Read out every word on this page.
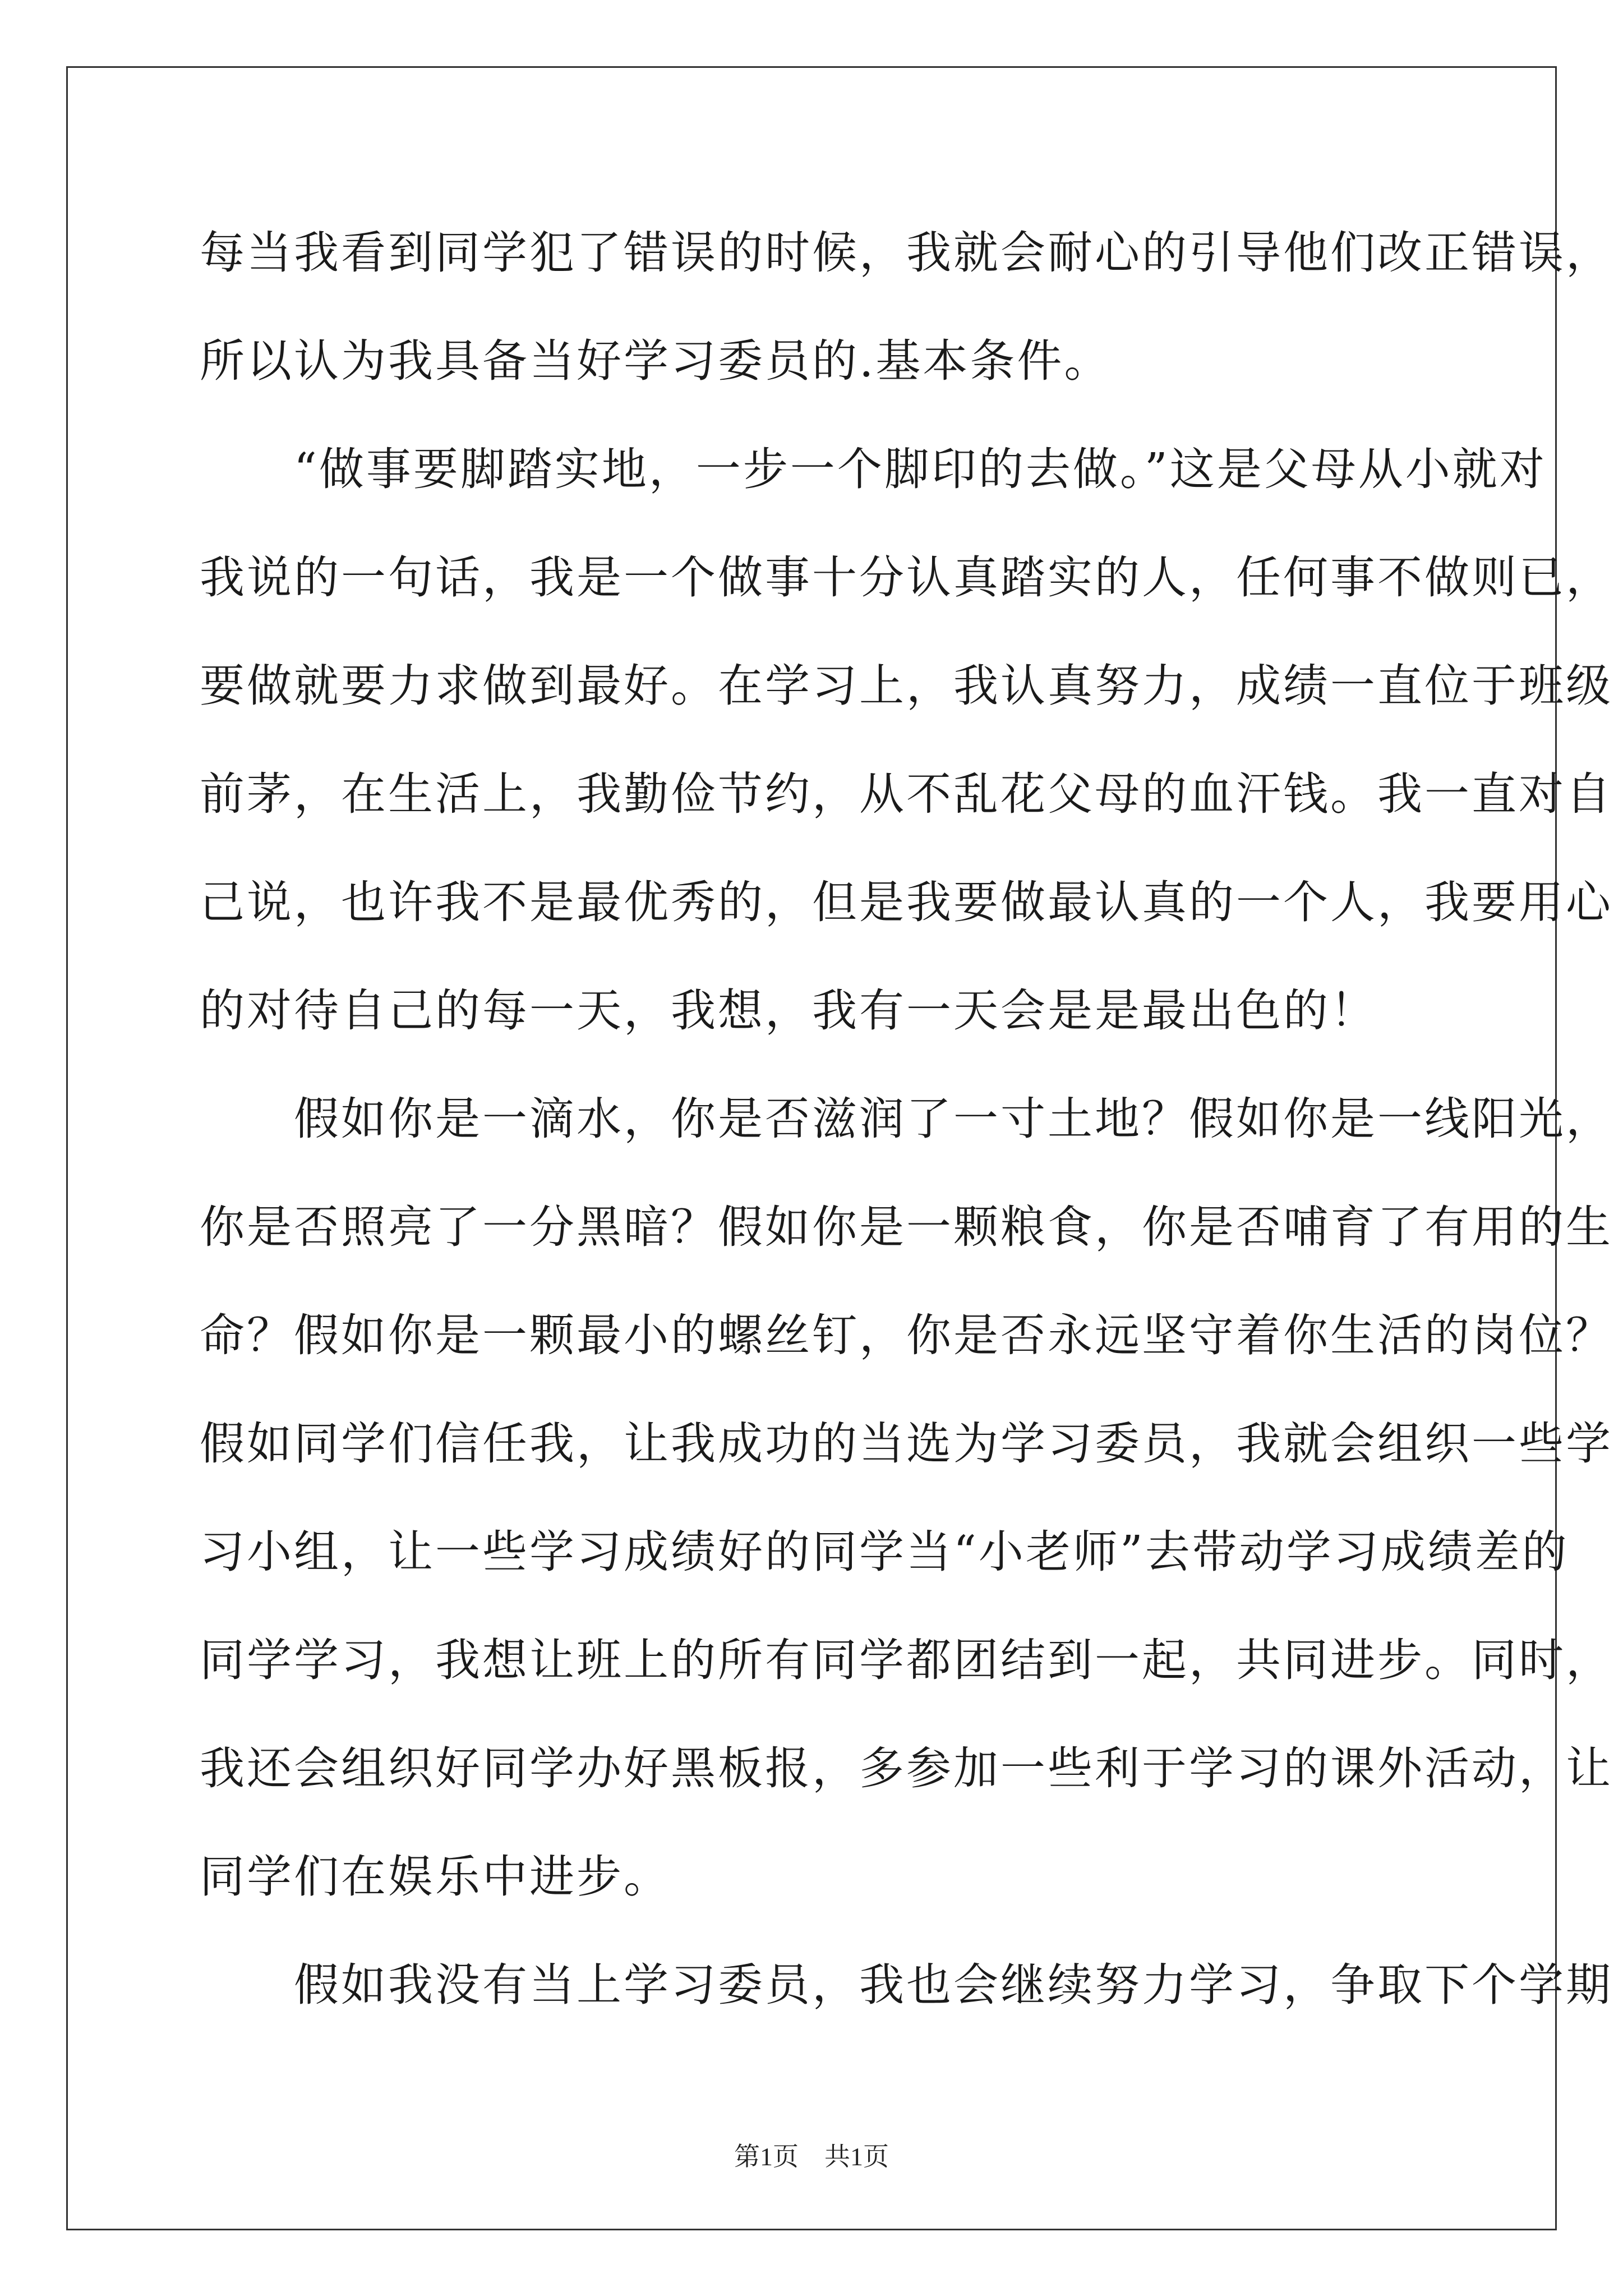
每当我看到同学犯了错误的时候，我就会耐心的引导他们改正错误，
所以认为我具备当好学习委员的.基本条件。
　　“做事要脚踏实地，一步一个脚印的去做。”这是父母从小就对
我说的一句话，我是一个做事十分认真踏实的人，任何事不做则已，
要做就要力求做到最好。在学习上，我认真努力，成绩一直位于班级
前茅，在生活上，我勤俭节约，从不乱花父母的血汗钱。我一直对自
己说，也许我不是最优秀的，但是我要做最认真的一个人，我要用心
的对待自己的每一天，我想，我有一天会是是最出色的！
　　假如你是一滴水，你是否滋润了一寸土地？假如你是一线阳光，
你是否照亮了一分黑暗？假如你是一颗粮食，你是否哺育了有用的生
命？假如你是一颗最小的螺丝钉，你是否永远坚守着你生活的岗位？
假如同学们信任我，让我成功的当选为学习委员，我就会组织一些学
习小组，让一些学习成绩好的同学当“小老师”去带动学习成绩差的
同学学习，我想让班上的所有同学都团结到一起，共同进步。同时，
我还会组织好同学办好黑板报，多参加一些利于学习的课外活动，让
同学们在娱乐中进步。
　　假如我没有当上学习委员，我也会继续努力学习，争取下个学期
第1页　共1页
